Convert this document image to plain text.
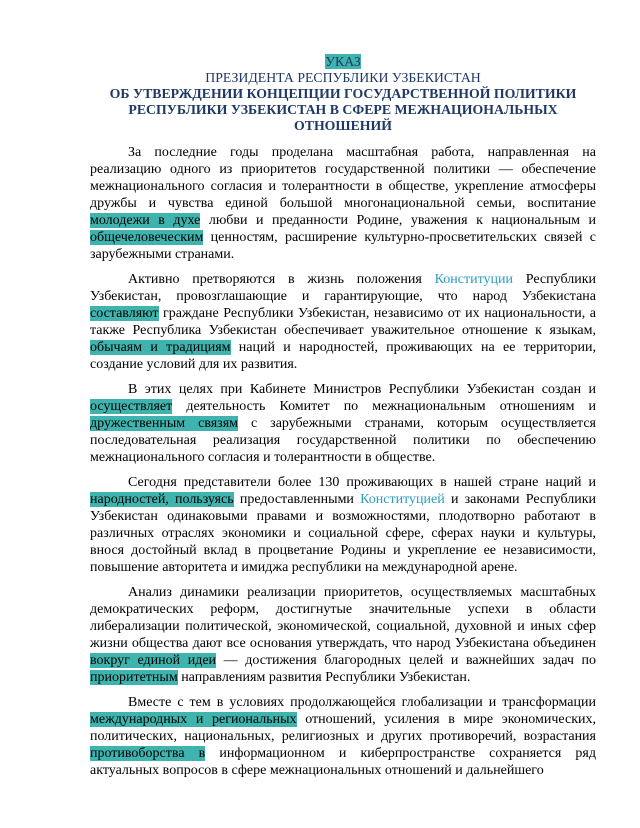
УКАЗ
ПРЕЗИДЕНТА РЕСПУБЛИКИ УЗБЕКИСТАН
ОБ УТВЕРЖДЕНИИ КОНЦЕПЦИИ ГОСУДАРСТВЕННОЙ ПОЛИТИКИ
РЕСПУБЛИКИ УЗБЕКИСТАН В СФЕРЕ МЕЖНАЦИОНАЛЬНЫХ
ОТНОШЕНИЙ

За последние годы проделана масштабная работа, направленная на реализацию одного из приоритетов государственной политики — обеспечение межнационального согласия и толерантности в обществе, укрепление атмосферы дружбы и чувства единой большой многонациональной семьи, воспитание молодежи в духе любви и преданности Родине, уважения к национальным и общечеловеческим ценностям, расширение культурно-просветительских связей с зарубежными странами.

Активно претворяются в жизнь положения Конституции Республики Узбекистан, провозглашающие и гарантирующие, что народ Узбекистана составляют граждане Республики Узбекистан, независимо от их национальности, а также Республика Узбекистан обеспечивает уважительное отношение к языкам, обычаям и традициям наций и народностей, проживающих на ее территории, создание условий для их развития.

В этих целях при Кабинете Министров Республики Узбекистан создан и осуществляет деятельность Комитет по межнациональным отношениям и дружественным связям с зарубежными странами, которым осуществляется последовательная реализация государственной политики по обеспечению межнационального согласия и толерантности в обществе.

Сегодня представители более 130 проживающих в нашей стране наций и народностей, пользуясь предоставленными Конституцией и законами Республики Узбекистан одинаковыми правами и возможностями, плодотворно работают в различных отраслях экономики и социальной сфере, сферах науки и культуры, внося достойный вклад в процветание Родины и укрепление ее независимости, повышение авторитета и имиджа республики на международной арене.

Анализ динамики реализации приоритетов, осуществляемых масштабных демократических реформ, достигнутые значительные успехи в области либерализации политической, экономической, социальной, духовной и иных сфер жизни общества дают все основания утверждать, что народ Узбекистана объединен вокруг единой идеи — достижения благородных целей и важнейших задач по приоритетным направлениям развития Республики Узбекистан.

Вместе с тем в условиях продолжающейся глобализации и трансформации международных и региональных отношений, усиления в мире экономических, политических, национальных, религиозных и других противоречий, возрастания противоборства в информационном и киберпространстве сохраняется ряд актуальных вопросов в сфере межнациональных отношений и дальнейшего
